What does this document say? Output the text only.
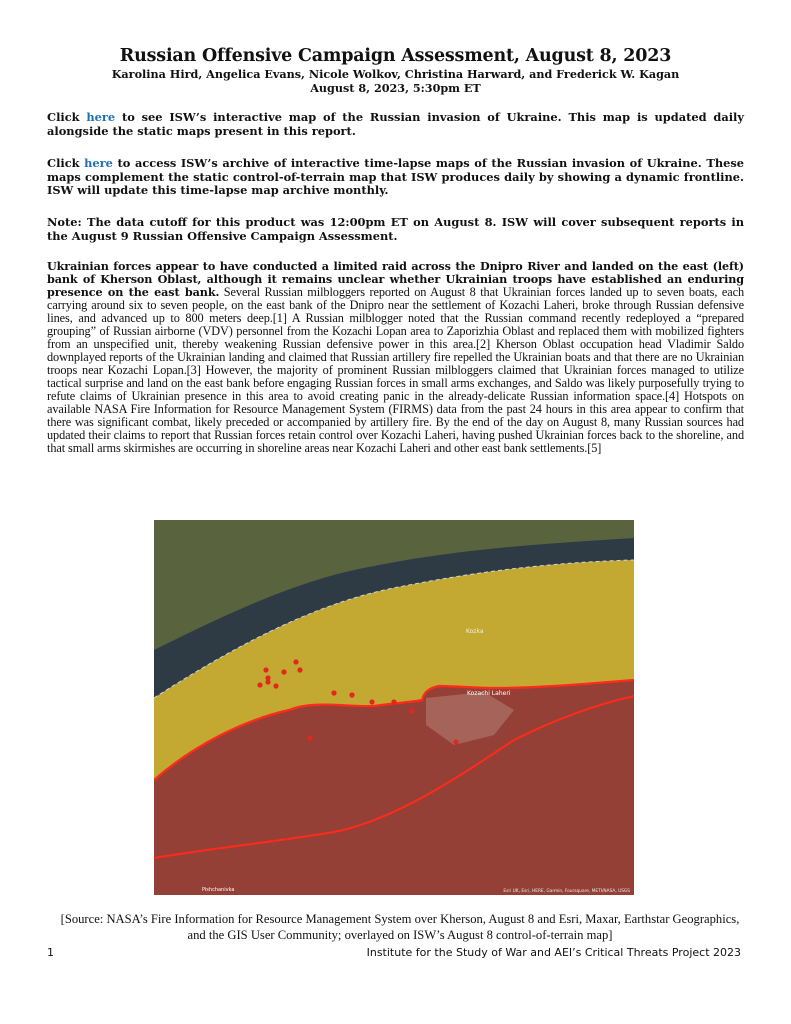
Russian Offensive Campaign Assessment, August 8, 2023
Karolina Hird, Angelica Evans, Nicole Wolkov, Christina Harward, and Frederick W. Kagan
August 8, 2023, 5:30pm ET

Click here to see ISW’s interactive map of the Russian invasion of Ukraine. This map is updated daily alongside the static maps present in this report.

Click here to access ISW’s archive of interactive time-lapse maps of the Russian invasion of Ukraine. These maps complement the static control-of-terrain map that ISW produces daily by showing a dynamic frontline. ISW will update this time-lapse map archive monthly.

Note: The data cutoff for this product was 12:00pm ET on August 8. ISW will cover subsequent reports in the August 9 Russian Offensive Campaign Assessment.

Ukrainian forces appear to have conducted a limited raid across the Dnipro River and landed on the east (left) bank of Kherson Oblast, although it remains unclear whether Ukrainian troops have established an enduring presence on the east bank. Several Russian milbloggers reported on August 8 that Ukrainian forces landed up to seven boats, each carrying around six to seven people, on the east bank of the Dnipro near the settlement of Kozachi Laheri, broke through Russian defensive lines, and advanced up to 800 meters deep.[1] A Russian milblogger noted that the Russian command recently redeployed a “prepared grouping” of Russian airborne (VDV) personnel from the Kozachi Lopan area to Zaporizhia Oblast and replaced them with mobilized fighters from an unspecified unit, thereby weakening Russian defensive power in this area.[2] Kherson Oblast occupation head Vladimir Saldo downplayed reports of the Ukrainian landing and claimed that Russian artillery fire repelled the Ukrainian boats and that there are no Ukrainian troops near Kozachi Lopan.[3] However, the majority of prominent Russian milbloggers claimed that Ukrainian forces managed to utilize tactical surprise and land on the east bank before engaging Russian forces in small arms exchanges, and Saldo was likely purposefully trying to refute claims of Ukrainian presence in this area to avoid creating panic in the already-delicate Russian information space.[4] Hotspots on available NASA Fire Information for Resource Management System (FIRMS) data from the past 24 hours in this area appear to confirm that there was significant combat, likely preceded or accompanied by artillery fire. By the end of the day on August 8, many Russian sources had updated their claims to report that Russian forces retain control over Kozachi Laheri, having pushed Ukrainian forces back to the shoreline, and that small arms skirmishes are occurring in shoreline areas near Kozachi Laheri and other east bank settlements.[5]

Kozka
Kozachi Laheri
Pishchanivka	Esri UK, Esri, HERE, Garmin, Foursquare, METI/NASA, USGS
[Source: NASA’s Fire Information for Resource Management System over Kherson, August 8 and Esri, Maxar, Earthstar Geographics, and the GIS User Community; overlayed on ISW’s August 8 control-of-terrain map]
1	Institute for the Study of War and AEI’s Critical Threats Project 2023
